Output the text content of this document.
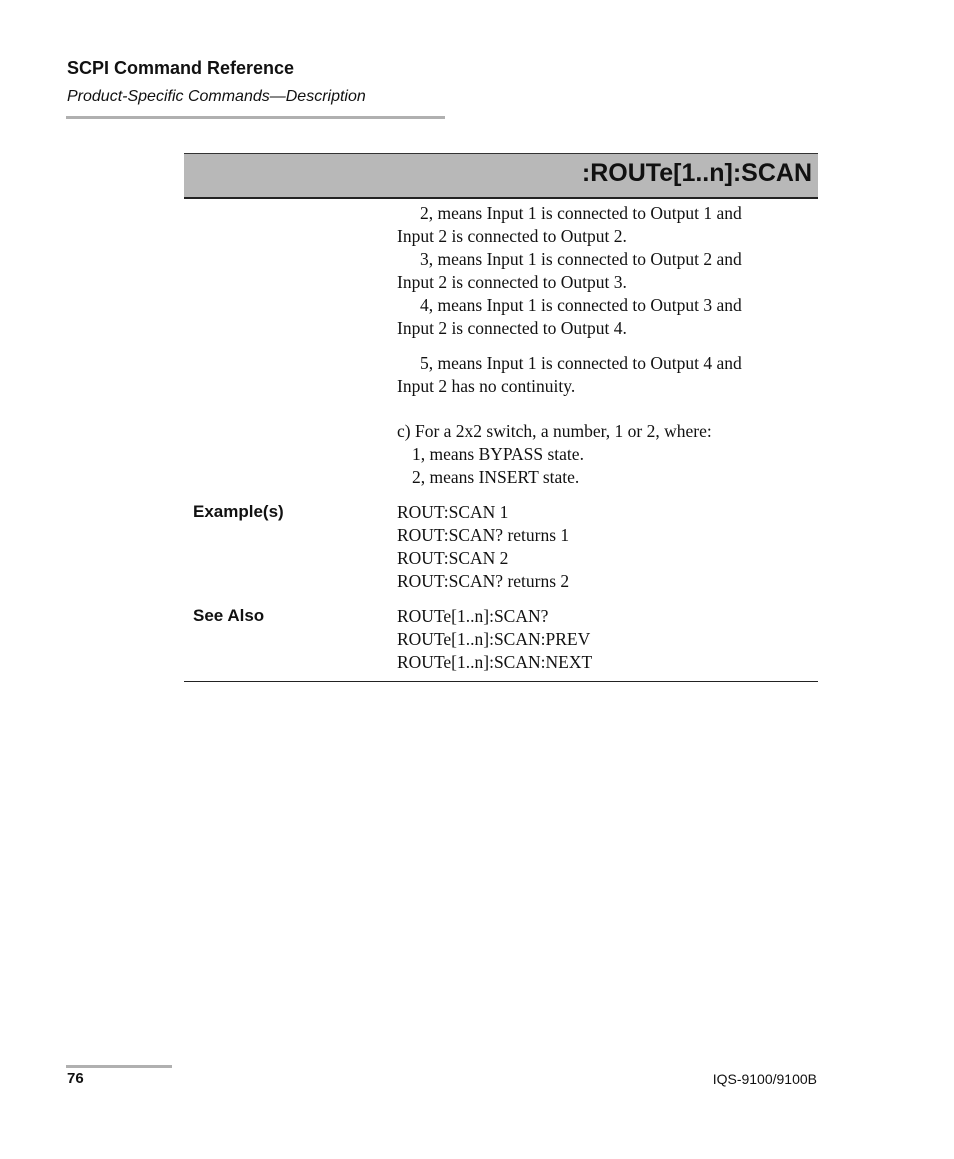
SCPI Command Reference
Product-Specific Commands—Description
:ROUTe[1..n]:SCAN
2, means Input 1 is connected to Output 1 and
Input 2 is connected to Output 2.
3, means Input 1 is connected to Output 2 and
Input 2 is connected to Output 3.
4, means Input 1 is connected to Output 3 and
Input 2 is connected to Output 4.
5, means Input 1 is connected to Output 4 and
Input 2 has no continuity.
c) For a 2x2 switch, a number, 1 or 2, where:
1, means BYPASS state.
2, means INSERT state.
Example(s)	ROUT:SCAN 1
ROUT:SCAN? returns 1
ROUT:SCAN 2
ROUT:SCAN? returns 2
See Also	ROUTe[1..n]:SCAN?
ROUTe[1..n]:SCAN:PREV
ROUTe[1..n]:SCAN:NEXT
76	IQS-9100/9100B
